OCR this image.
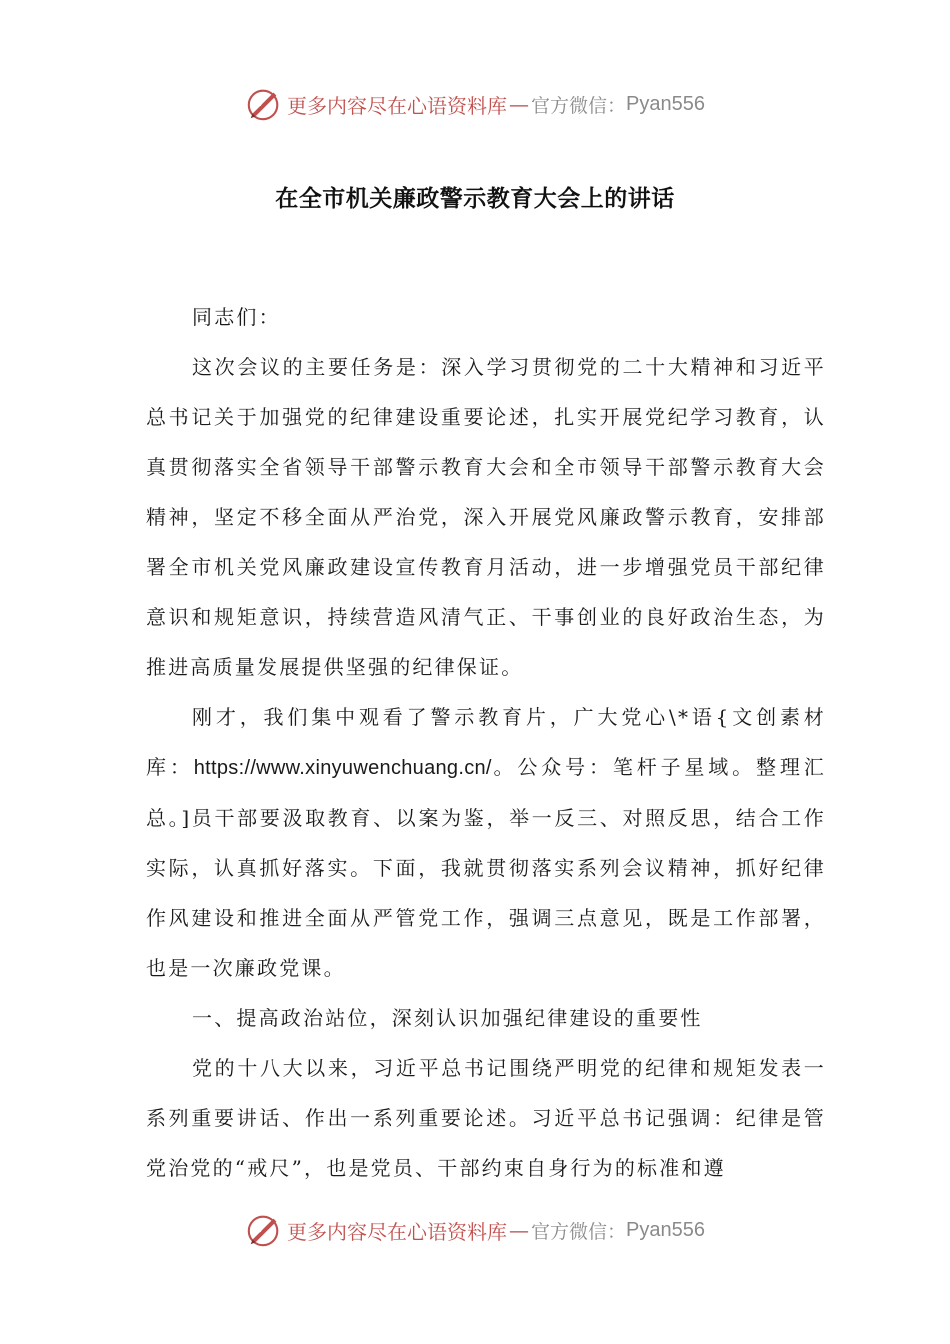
更多内容尽在心语资料库 — 官方微信： Pyan556
在全市机关廉政警示教育大会上的讲话

同志们：

这次会议的主要任务是：深入学习贯彻党的二十大精神和习近平总书记关于加强党的纪律建设重要论述，扎实开展党纪学习教育，认真贯彻落实全省领导干部警示教育大会和全市领导干部警示教育大会精神，坚定不移全面从严治党，深入开展党风廉政警示教育，安排部署全市机关党风廉政建设宣传教育月活动，进一步增强党员干部纪律意识和规矩意识，持续营造风清气正、干事创业的良好政治生态，为推进高质量发展提供坚强的纪律保证。

刚才，我们集中观看了警示教育片，广大党心\*语{文创素材库：https://www.xinyuwenchuang.cn/。公众号：笔杆子星域。整理汇总。]员干部要汲取教育、以案为鉴，举一反三、对照反思，结合工作实际，认真抓好落实。下面，我就贯彻落实系列会议精神，抓好纪律作风建设和推进全面从严管党工作，强调三点意见，既是工作部署，也是一次廉政党课。

一、提高政治站位，深刻认识加强纪律建设的重要性

党的十八大以来，习近平总书记围绕严明党的纪律和规矩发表一系列重要讲话、作出一系列重要论述。习近平总书记强调：纪律是管党治党的“戒尺”，也是党员、干部约束自身行为的标准和遵

更多内容尽在心语资料库 — 官方微信： Pyan556
